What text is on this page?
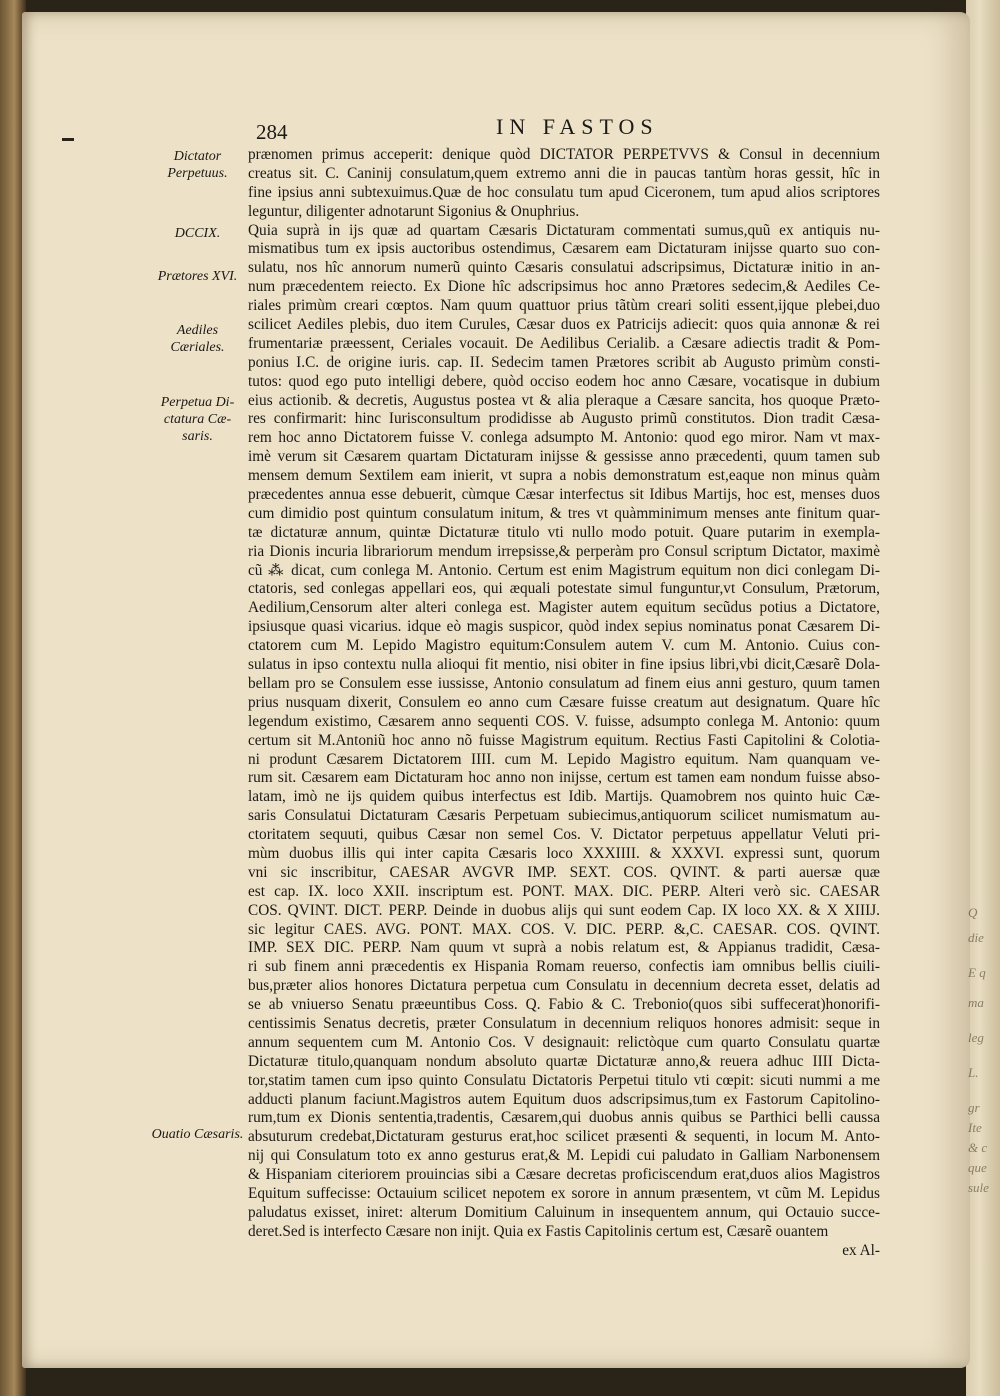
284	IN FASTOS
Dictator Perpetuus.
DCCIX.
Prætores XVI.
Aediles Cæriales.
Perpetua Di-ctatura Cæ-saris.
Ouatio Cæsaris.
prænomen primus acceperit: denique quòd DICTATOR PERPETVVS & Consul in decennium
creatus sit. C. Caninij consulatum,quem extremo anni die in paucas tantùm horas gessit, hîc in
fine ipsius anni subtexuimus.Quæ de hoc consulatu tum apud Ciceronem, tum apud alios scriptores
leguntur, diligenter adnotarunt Sigonius & Onuphrius.
Quia suprà in ijs quæ ad quartam Cæsaris Dictaturam commentati sumus,quũ ex antiquis nu-
mismatibus tum ex ipsis auctoribus ostendimus, Cæsarem eam Dictaturam inijsse quarto suo con-
sulatu, nos hîc annorum numerũ quinto Cæsaris consulatui adscripsimus, Dictaturæ initio in an-
num præcedentem reiecto. Ex Dione hîc adscripsimus hoc anno Prætores sedecim,& Aediles Ce-
riales primùm creari cœptos. Nam quum quattuor prius tãtùm creari soliti essent,ijque plebei,duo
scilicet Aediles plebis, duo item Curules, Cæsar duos ex Patricijs adiecit: quos quia annonæ & rei
frumentariæ præessent, Ceriales vocauit. De Aedilibus Cerialib. a Cæsare adiectis tradit & Pom-
ponius I.C. de origine iuris. cap. II. Sedecim tamen Prætores scribit ab Augusto primùm consti-
tutos: quod ego puto intelligi debere, quòd occiso eodem hoc anno Cæsare, vocatisque in dubium
eius actionib. & decretis, Augustus postea vt & alia pleraque a Cæsare sancita, hos quoque Præto-
res confirmarit: hinc Iurisconsultum prodidisse ab Augusto primũ constitutos. Dion tradit Cæsa-
rem hoc anno Dictatorem fuisse V. conlega adsumpto M. Antonio: quod ego miror. Nam vt max-
imè verum sit Cæsarem quartam Dictaturam inijsse & gessisse anno præcedenti, quum tamen sub
mensem demum Sextilem eam inierit, vt supra a nobis demonstratum est,eaque non minus quàm
præcedentes annua esse debuerit, cùmque Cæsar interfectus sit Idibus Martijs, hoc est, menses duos
cum dimidio post quintum consulatum initum, & tres vt quàmminimum menses ante finitum quar-
tæ dictaturæ annum, quintæ Dictaturæ titulo vti nullo modo potuit. Quare putarim in exempla-
ria Dionis incuria librariorum mendum irrepsisse,& perperàm pro Consul scriptum Dictator, maximè
cũ ⁂ dicat, cum conlega M. Antonio. Certum est enim Magistrum equitum non dici conlegam Di-
ctatoris, sed conlegas appellari eos, qui æquali potestate simul funguntur,vt Consulum, Prætorum,
Aedilium,Censorum alter alteri conlega est. Magister autem equitum secũdus potius a Dictatore,
ipsiusque quasi vicarius. idque eò magis suspicor, quòd index sepius nominatus ponat Cæsarem Di-
ctatorem cum M. Lepido Magistro equitum:Consulem autem V. cum M. Antonio. Cuius con-
sulatus in ipso contextu nulla alioqui fit mentio, nisi obiter in fine ipsius libri,vbi dicit,Cæsarẽ Dola-
bellam pro se Consulem esse iussisse, Antonio consulatum ad finem eius anni gesturo, quum tamen
prius nusquam dixerit, Consulem eo anno cum Cæsare fuisse creatum aut designatum. Quare hîc
legendum existimo, Cæsarem anno sequenti COS. V. fuisse, adsumpto conlega M. Antonio: quum
certum sit M.Antoniũ hoc anno nõ fuisse Magistrum equitum. Rectius Fasti Capitolini & Colotia-
ni produnt Cæsarem Dictatorem IIII. cum M. Lepido Magistro equitum. Nam quanquam ve-
rum sit. Cæsarem eam Dictaturam hoc anno non inijsse, certum est tamen eam nondum fuisse abso-
latam, imò ne ijs quidem quibus interfectus est Idib. Martijs. Quamobrem nos quinto huic Cæ-
saris Consulatui Dictaturam Cæsaris Perpetuam subiecimus,antiquorum scilicet numismatum au-
ctoritatem sequuti, quibus Cæsar non semel Cos. V. Dictator perpetuus appellatur Veluti pri-
mùm duobus illis qui inter capita Cæsaris loco XXXIIII. & XXXVI. expressi sunt, quorum
vni sic inscribitur, CAESAR AVGVR IMP. SEXT. COS. QVINT. & parti auersæ quæ
est cap. IX. loco XXII. inscriptum est. PONT. MAX. DIC. PERP. Alteri verò sic. CAESAR
COS. QVINT. DICT. PERP. Deinde in duobus alijs qui sunt eodem Cap. IX loco XX. & X XIIIJ.
sic legitur CAES. AVG. PONT. MAX. COS. V. DIC. PERP. &,C. CAESAR. COS. QVINT.
IMP. SEX DIC. PERP. Nam quum vt suprà a nobis relatum est, & Appianus tradidit, Cæsa-
ri sub finem anni præcedentis ex Hispania Romam reuerso, confectis iam omnibus bellis ciuili-
bus,præter alios honores Dictatura perpetua cum Consulatu in decennium decreta esset, delatis ad
se ab vniuerso Senatu præeuntibus Coss. Q. Fabio & C. Trebonio(quos sibi suffecerat)honorifi-
centissimis Senatus decretis, præter Consulatum in decennium reliquos honores admisit: seque in
annum sequentem cum M. Antonio Cos. V designauit: relictòque cum quarto Consulatu quartæ
Dictaturæ titulo,quanquam nondum absoluto quartæ Dictaturæ anno,& reuera adhuc IIII Dicta-
tor,statim tamen cum ipso quinto Consulatu Dictatoris Perpetui titulo vti cœpit: sicuti nummi a me
adducti planum faciunt.Magistros autem Equitum duos adscripsimus,tum ex Fastorum Capitolino-
rum,tum ex Dionis sententia,tradentis, Cæsarem,qui duobus annis quibus se Parthici belli caussa
absuturum credebat,Dictaturam gesturus erat,hoc scilicet præsenti & sequenti, in locum M. Anto-
nij qui Consulatum toto ex anno gesturus erat,& M. Lepidi cui paludato in Galliam Narbonensem
& Hispaniam citeriorem prouincias sibi a Cæsare decretas proficiscendum erat,duos alios Magistros
Equitum suffecisse: Octauium scilicet nepotem ex sorore in annum præsentem, vt cũm M. Lepidus
paludatus exisset, iniret: alterum Domitium Caluinum in insequentem annum, qui Octauio succe-
deret.Sed is interfecto Cæsare non inijt. Quia ex Fastis Capitolinis certum est, Cæsarẽ ouantem
ex Al-
Q
die
E q
ma
leg
L.
gr
Ite
& c
que
sule
